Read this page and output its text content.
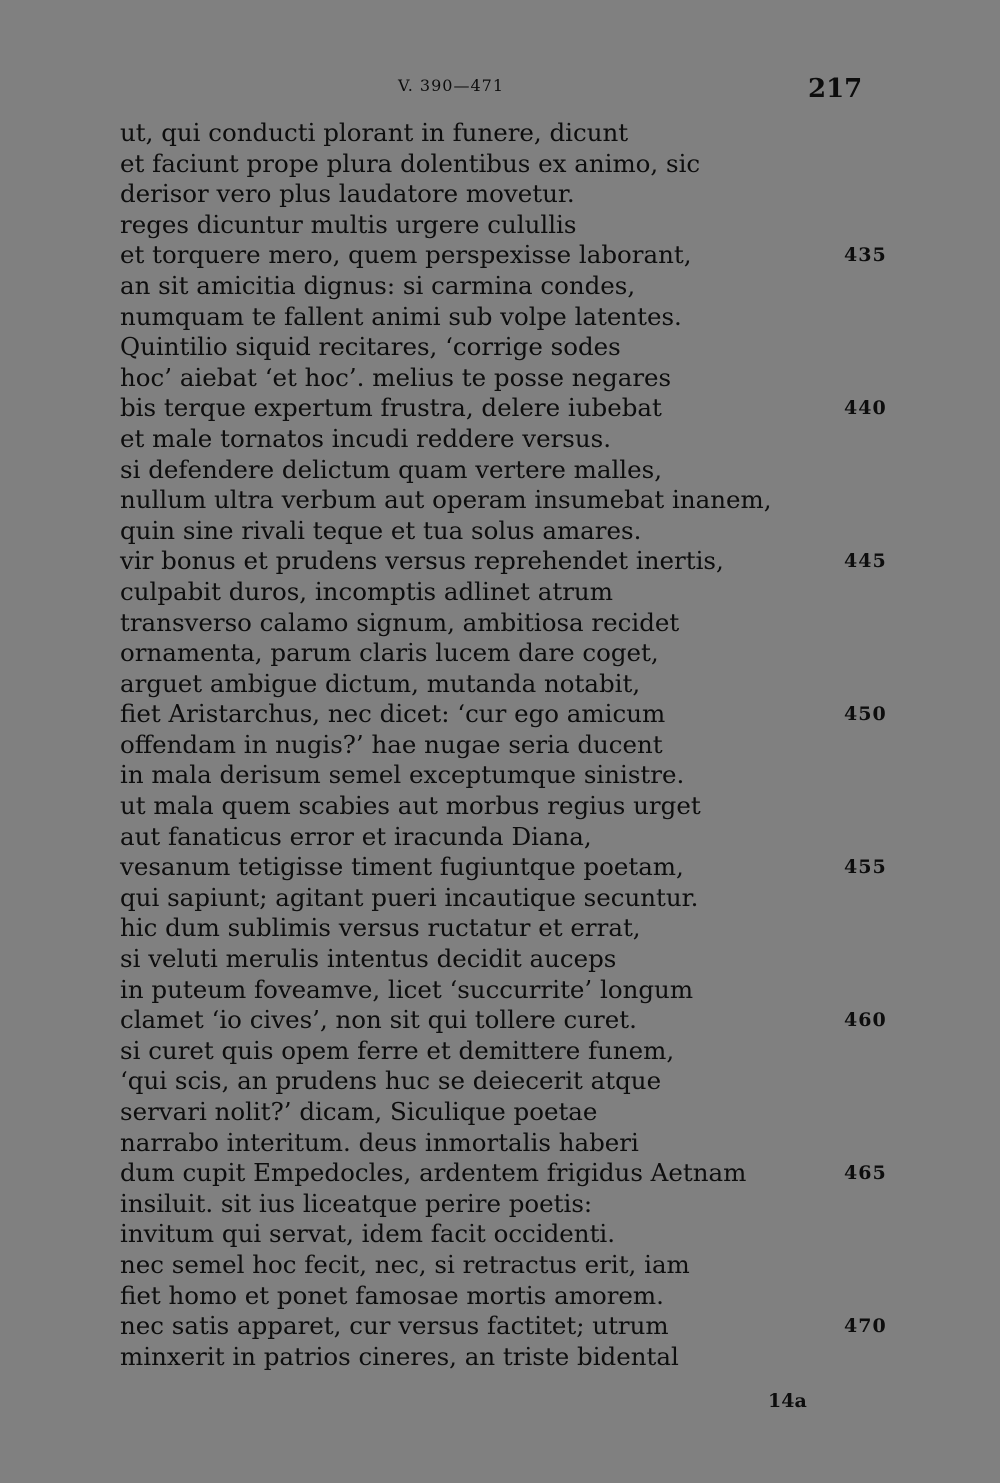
V. 390—471	217
ut, qui conducti plorant in funere, dicunt
et faciunt prope plura dolentibus ex animo, sic
derisor vero plus laudatore movetur.
reges dicuntur multis urgere culullis
et torquere mero, quem perspexisse laborant,	435
an sit amicitia dignus: si carmina condes,
numquam te fallent animi sub volpe latentes.
Quintilio siquid recitares, ‘corrige sodes
hoc’ aiebat ‘et hoc’. melius te posse negares
bis terque expertum frustra, delere iubebat	440
et male tornatos incudi reddere versus.
si defendere delictum quam vertere malles,
nullum ultra verbum aut operam insumebat inanem,
quin sine rivali teque et tua solus amares.
vir bonus et prudens versus reprehendet inertis,	445
culpabit duros, incomptis adlinet atrum
transverso calamo signum, ambitiosa recidet
ornamenta, parum claris lucem dare coget,
arguet ambigue dictum, mutanda notabit,
fiet Aristarchus, nec dicet: ‘cur ego amicum	450
offendam in nugis?’ hae nugae seria ducent
in mala derisum semel exceptumque sinistre.
ut mala quem scabies aut morbus regius urget
aut fanaticus error et iracunda Diana,
vesanum tetigisse timent fugiuntque poetam,	455
qui sapiunt; agitant pueri incautique secuntur.
hic dum sublimis versus ructatur et errat,
si veluti merulis intentus decidit auceps
in puteum foveamve, licet ‘succurrite’ longum
clamet ‘io cives’, non sit qui tollere curet.	460
si curet quis opem ferre et demittere funem,
‘qui scis, an prudens huc se deiecerit atque
servari nolit?’ dicam, Siculique poetae
narrabo interitum. deus inmortalis haberi
dum cupit Empedocles, ardentem frigidus Aetnam	465
insiluit. sit ius liceatque perire poetis:
invitum qui servat, idem facit occidenti.
nec semel hoc fecit, nec, si retractus erit, iam
fiet homo et ponet famosae mortis amorem.
nec satis apparet, cur versus factitet; utrum	470
minxerit in patrios cineres, an triste bidental
14a
